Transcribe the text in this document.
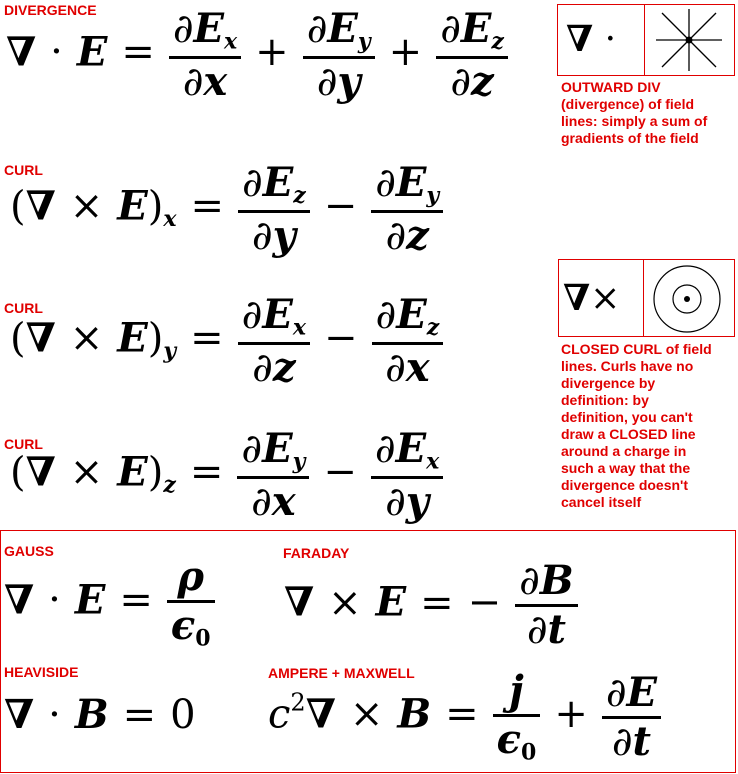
DIVERGENCE
∇ · $E = \frac{\partial E_x}{\partial x} + \frac{\partial E_y}{\partial y} + \frac{\partial E_z}{\partial z}$ ∇ ·
OUTWARD DIV
(divergence) of field
lines: simply a sum of
gradients of the field
CURL
(∇ × $E)_x = \frac{\partial E_z}{\partial y} - \frac{\partial E_y}{\partial z}$
CURL
(∇ × $E)_y = \frac{\partial E_x}{\partial z} - \frac{\partial E_z}{\partial x}$	∇×
CLOSED CURL of field
lines. Curls have no
divergence by
definition: by
definition, you can't
draw a CLOSED line
around a charge in
such a way that the
divergence doesn't
cancel itself
CURL
(∇ × $E)_z = \frac{\partial E_y}{\partial x} - \frac{\partial E_x}{\partial y}$
GAUSS
∇ · $E = \frac{\rho}{\epsilon_0}$
FARADAY
∇ × E = − $\frac{\partial B}{\partial t}$
HEAVISIDE
∇ · B = 0
AMPERE + MAXWELL
$c^2\nabla \times B = \frac{j}{\epsilon_0} + \frac{\partial E}{\partial t}$
